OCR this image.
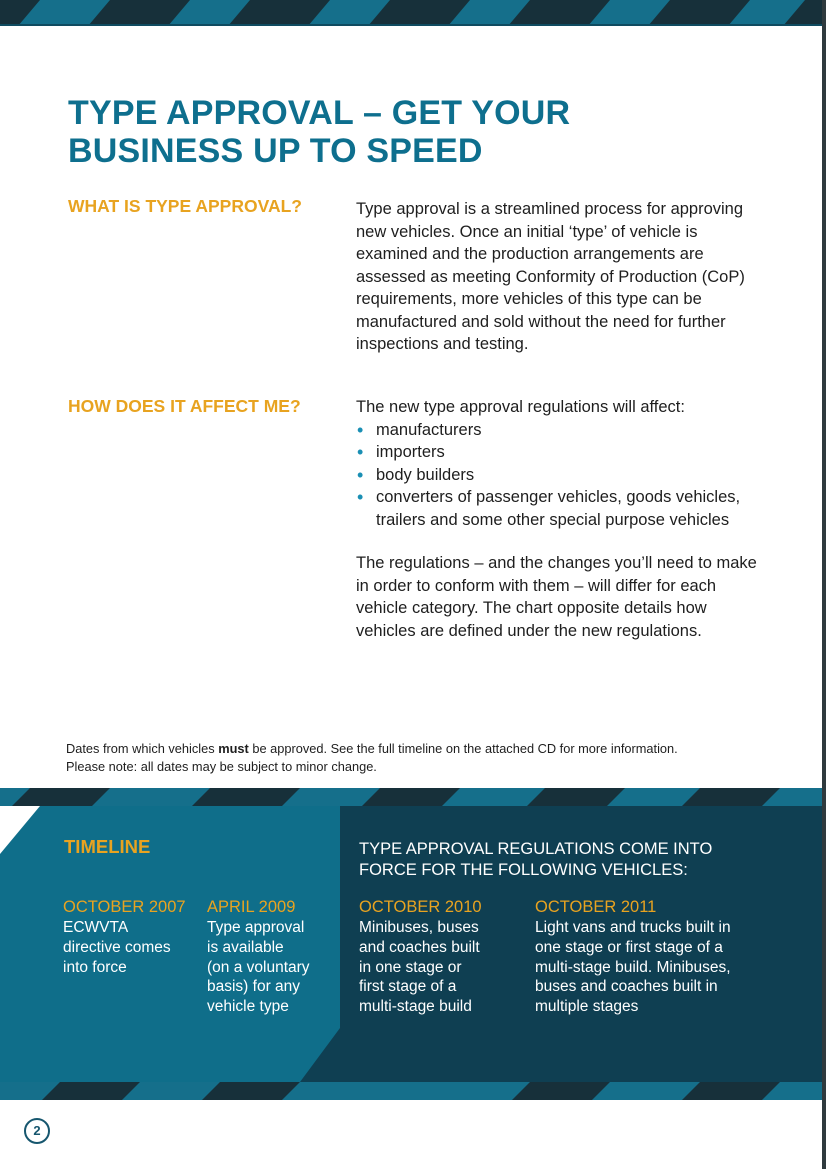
TYPE APPROVAL – GET YOUR
BUSINESS UP TO SPEED
WHAT IS TYPE APPROVAL?	Type approval is a streamlined process for approving new vehicles. Once an initial ‘type’ of vehicle is examined and the production arrangements are assessed as meeting Conformity of Production (CoP) requirements, more vehicles of this type can be manufactured and sold without the need for further inspections and testing.

HOW DOES IT AFFECT ME?	The new type approval regulations will affect:

• manufacturers
• importers
• body builders
• converters of passenger vehicles, goods vehicles, trailers and some other special purpose vehicles

The regulations – and the changes you’ll need to make in order to conform with them – will differ for each vehicle category. The chart opposite details how vehicles are defined under the new regulations.

Dates from which vehicles must be approved. See the full timeline on the attached CD for more information.

Please note: all dates may be subject to minor change.

TIMELINE	TYPE APPROVAL REGULATIONS COME INTO
FORCE FOR THE FOLLOWING VEHICLES:
OCTOBER 2007
ECWVTA
directive comes
into force
APRIL 2009
Type approval
is available
(on a voluntary
basis) for any
vehicle type
OCTOBER 2010
Minibuses, buses
and coaches built
in one stage or
first stage of a
multi-stage build
OCTOBER 2011
Light vans and trucks built in
one stage or first stage of a
multi-stage build. Minibuses,
buses and coaches built in
multiple stages
2
